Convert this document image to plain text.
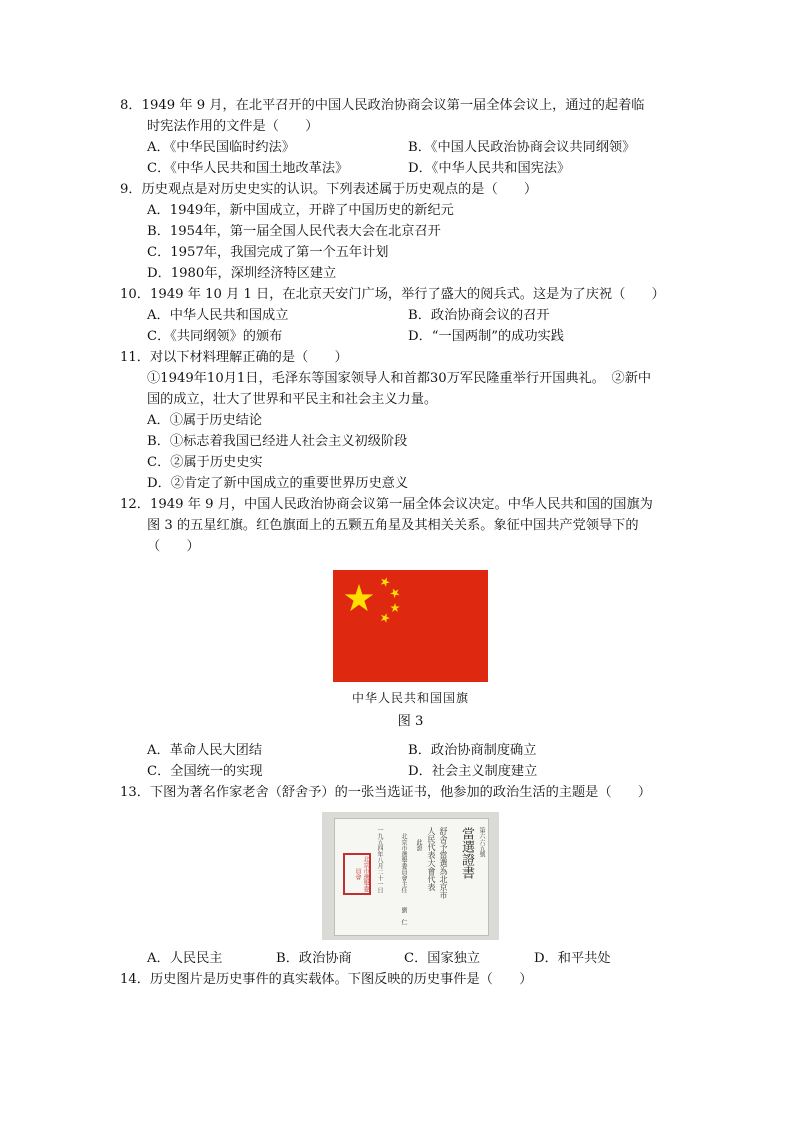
8．1949 年 9 月，在北平召开的中国人民政治协商会议第一届全体会议上，通过的起着临
时宪法作用的文件是（　　）
A．《中华民国临时约法》	B．《中国人民政治协商会议共同纲领》
C．《中华人民共和国土地改革法》	D．《中华人民共和国宪法》
9．历史观点是对历史史实的认识。下列表述属于历史观点的是（　　）
A．1949年，新中国成立，开辟了中国历史的新纪元
B．1954年，第一届全国人民代表大会在北京召开
C．1957年，我国完成了第一个五年计划
D．1980年，深圳经济特区建立
10．1949 年 10 月 1 日，在北京天安门广场，举行了盛大的阅兵式。这是为了庆祝（　　）
A．中华人民共和国成立	B．政治协商会议的召开
C．《共同纲领》的颁布	D．“一国两制”的成功实践
11．对以下材料理解正确的是（　　）
①1949年10月1日，毛泽东等国家领导人和首都30万军民隆重举行开国典礼。　②新中
国的成立，壮大了世界和平民主和社会主义力量。
A．①属于历史结论
B．①标志着我国已经进人社会主义初级阶段
C．②属于历史史实
D．②肯定了新中国成立的重要世界历史意义
12．1949 年 9 月，中国人民政治协商会议第一届全体会议决定。中华人民共和国的国旗为
图 3 的五星红旗。红色旗面上的五颗五角星及其相关关系。象征中国共产党领导下的
（　　）
中华人民共和国国旗
图 3
A．革命人民大团结	B．政治协商制度确立
C．全国统一的实现	D．社会主义制度建立
13．下图为著名作家老舍（舒舍予）的一张当选证书，他参加的政治生活的主题是（　　）
第六六五號
當選證書
舒舍予當選為北京市
人民代表大會代表
此證
北京市選舉委員會主任
劉　仁
一九五四年八月二十一日
北京市選舉委員會
A．人民民主	B．政治协商	C．国家独立	D．和平共处
14．历史图片是历史事件的真实载体。下图反映的历史事件是（　　）
